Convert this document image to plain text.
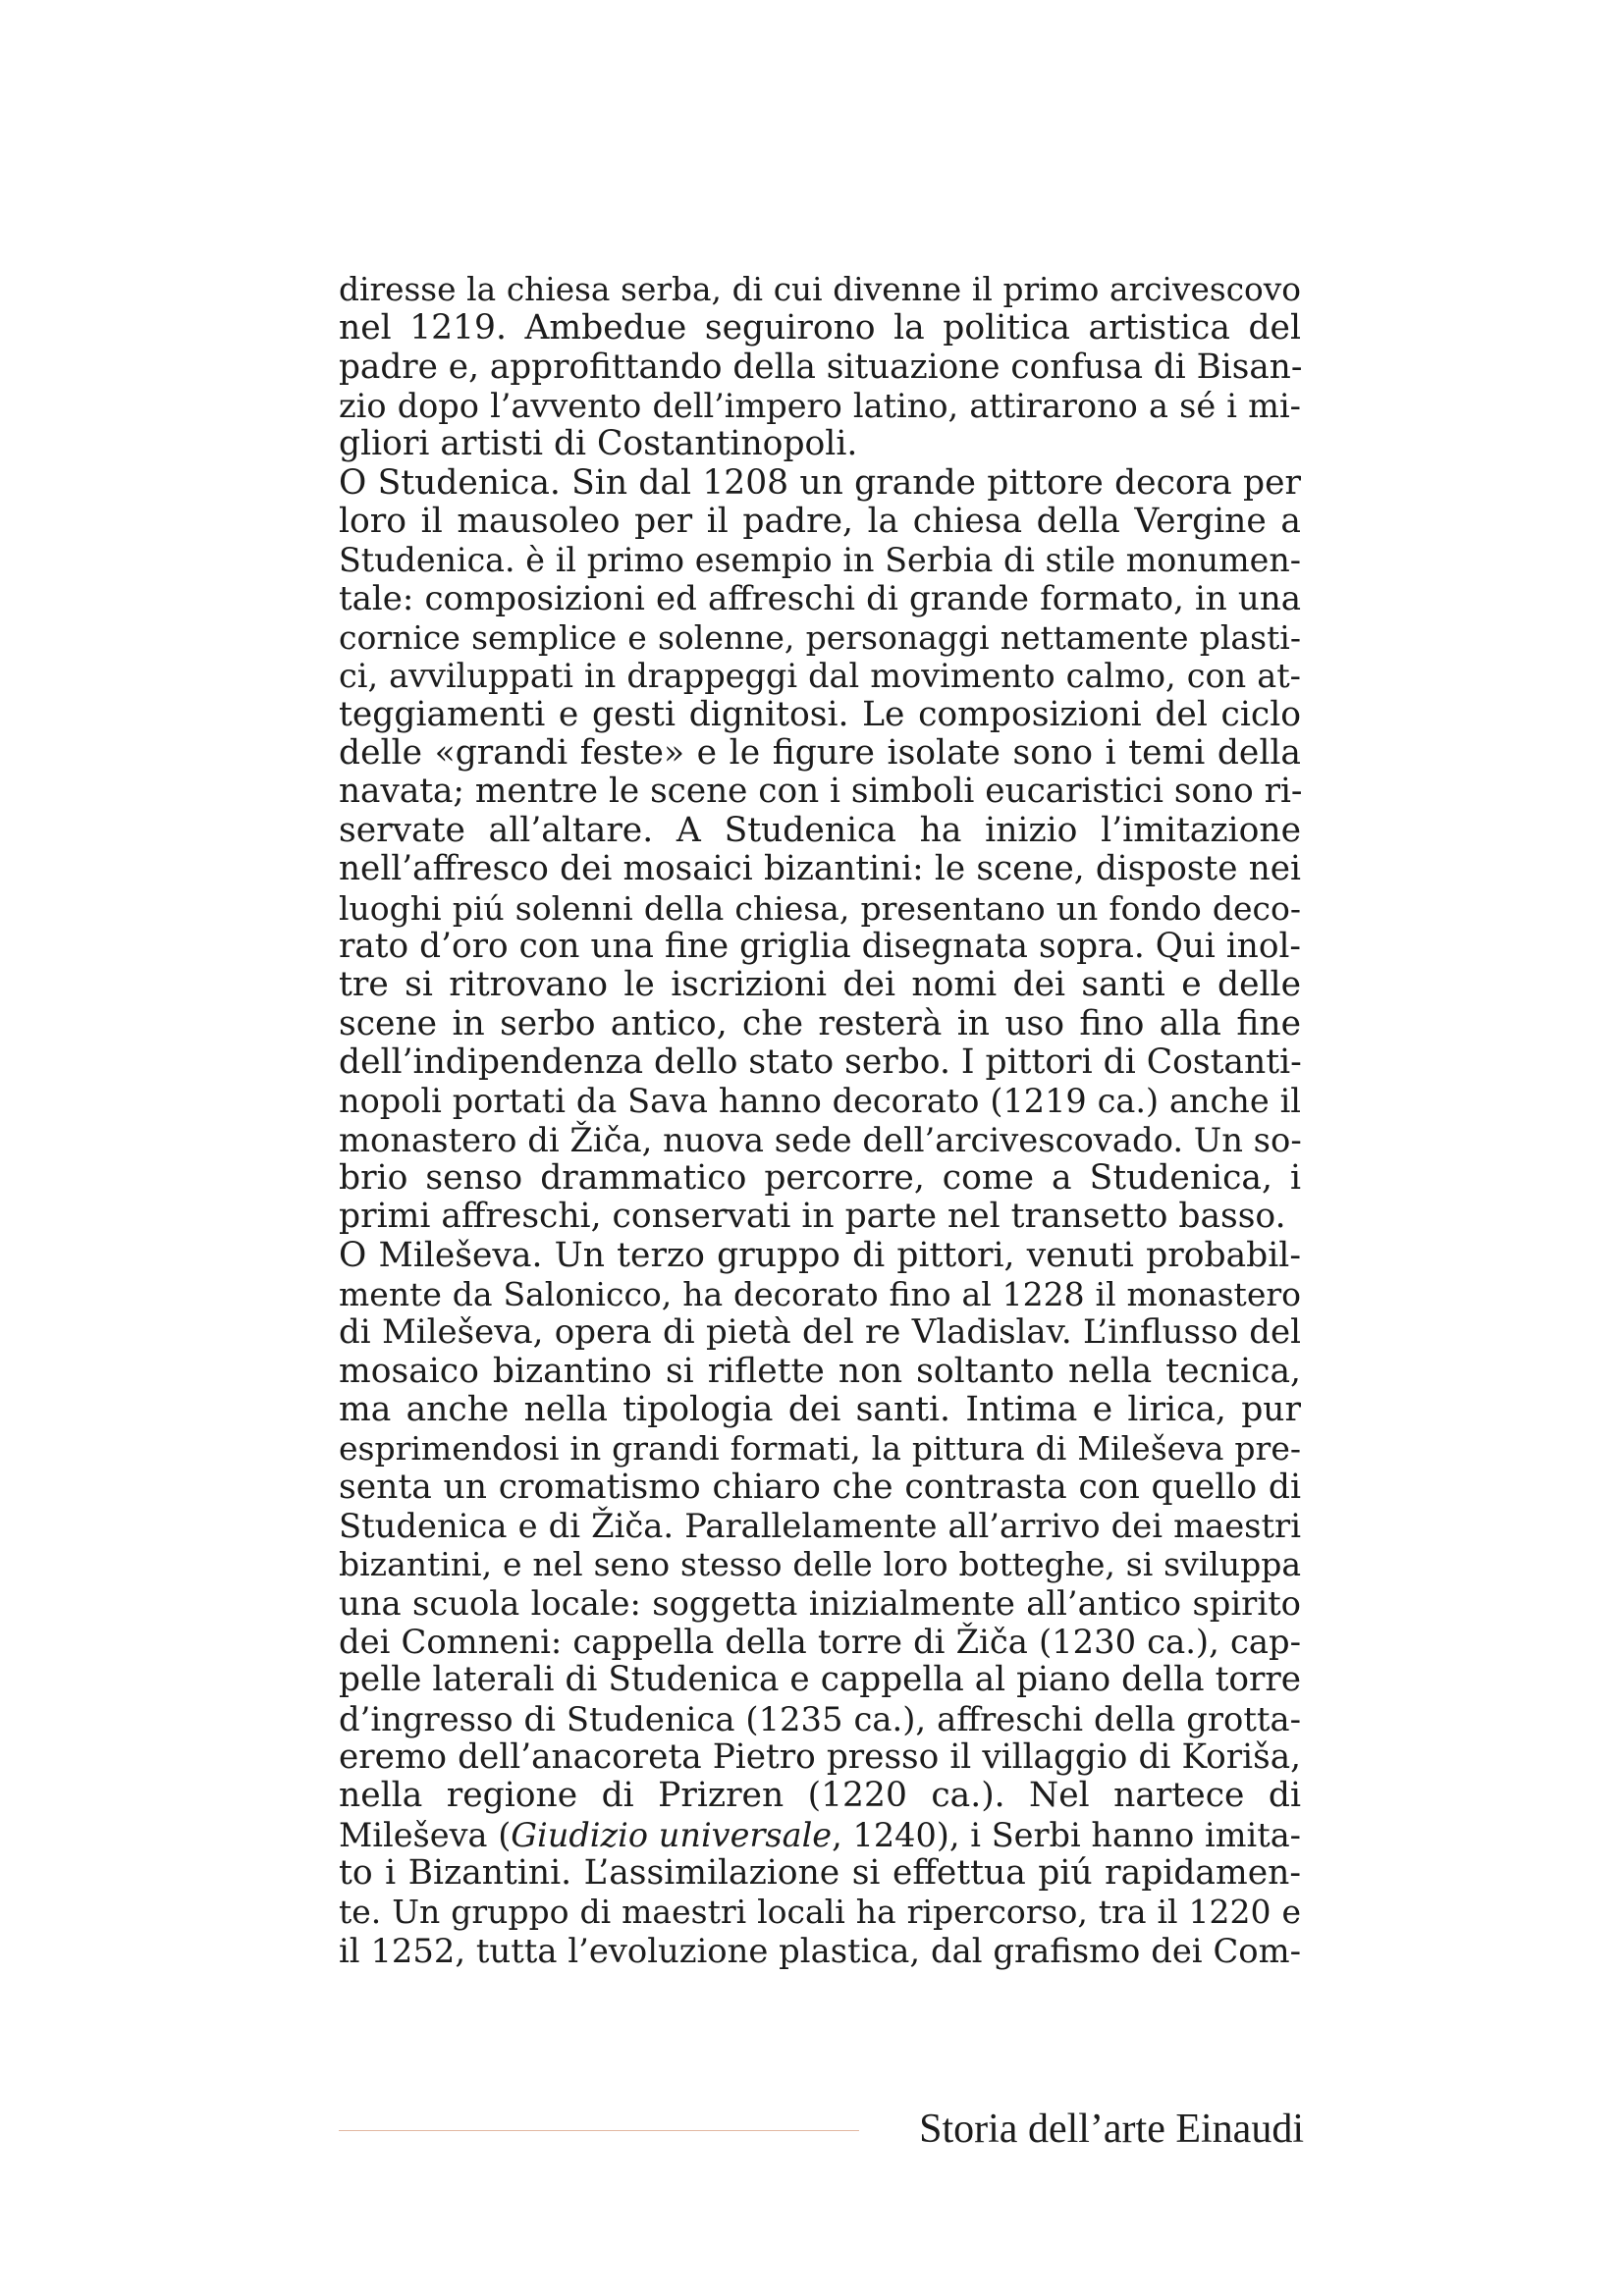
diresse la chiesa serba, di cui divenne il primo arcivescovo
nel 1219. Ambedue seguirono la politica artistica del
padre e, approfittando della situazione confusa di Bisan-
zio dopo l’avvento dell’impero latino, attirarono a sé i mi-
gliori artisti di Costantinopoli.
O Studenica. Sin dal 1208 un grande pittore decora per
loro il mausoleo per il padre, la chiesa della Vergine a
Studenica. è il primo esempio in Serbia di stile monumen-
tale: composizioni ed affreschi di grande formato, in una
cornice semplice e solenne, personaggi nettamente plasti-
ci, avviluppati in drappeggi dal movimento calmo, con at-
teggiamenti e gesti dignitosi. Le composizioni del ciclo
delle «grandi feste» e le figure isolate sono i temi della
navata; mentre le scene con i simboli eucaristici sono ri-
servate all’altare. A Studenica ha inizio l’imitazione
nell’affresco dei mosaici bizantini: le scene, disposte nei
luoghi piú solenni della chiesa, presentano un fondo deco-
rato d’oro con una fine griglia disegnata sopra. Qui inol-
tre si ritrovano le iscrizioni dei nomi dei santi e delle
scene in serbo antico, che resterà in uso fino alla fine
dell’indipendenza dello stato serbo. I pittori di Costanti-
nopoli portati da Sava hanno decorato (1219 ca.) anche il
monastero di Žiča, nuova sede dell’arcivescovado. Un so-
brio senso drammatico percorre, come a Studenica, i
primi affreschi, conservati in parte nel transetto basso.
O Mileševa. Un terzo gruppo di pittori, venuti probabil-
mente da Salonicco, ha decorato fino al 1228 il monastero
di Mileševa, opera di pietà del re Vladislav. L’influsso del
mosaico bizantino si riflette non soltanto nella tecnica,
ma anche nella tipologia dei santi. Intima e lirica, pur
esprimendosi in grandi formati, la pittura di Mileševa pre-
senta un cromatismo chiaro che contrasta con quello di
Studenica e di Žiča. Parallelamente all’arrivo dei maestri
bizantini, e nel seno stesso delle loro botteghe, si sviluppa
una scuola locale: soggetta inizialmente all’antico spirito
dei Comneni: cappella della torre di Žiča (1230 ca.), cap-
pelle laterali di Studenica e cappella al piano della torre
d’ingresso di Studenica (1235 ca.), affreschi della grotta-
eremo dell’anacoreta Pietro presso il villaggio di Koriša,
nella regione di Prizren (1220 ca.). Nel nartece di
Mileševa (Giudizio universale, 1240), i Serbi hanno imita-
to i Bizantini. L’assimilazione si effettua piú rapidamen-
te. Un gruppo di maestri locali ha ripercorso, tra il 1220 e
il 1252, tutta l’evoluzione plastica, dal grafismo dei Com-
Storia dell’arte Einaudi
